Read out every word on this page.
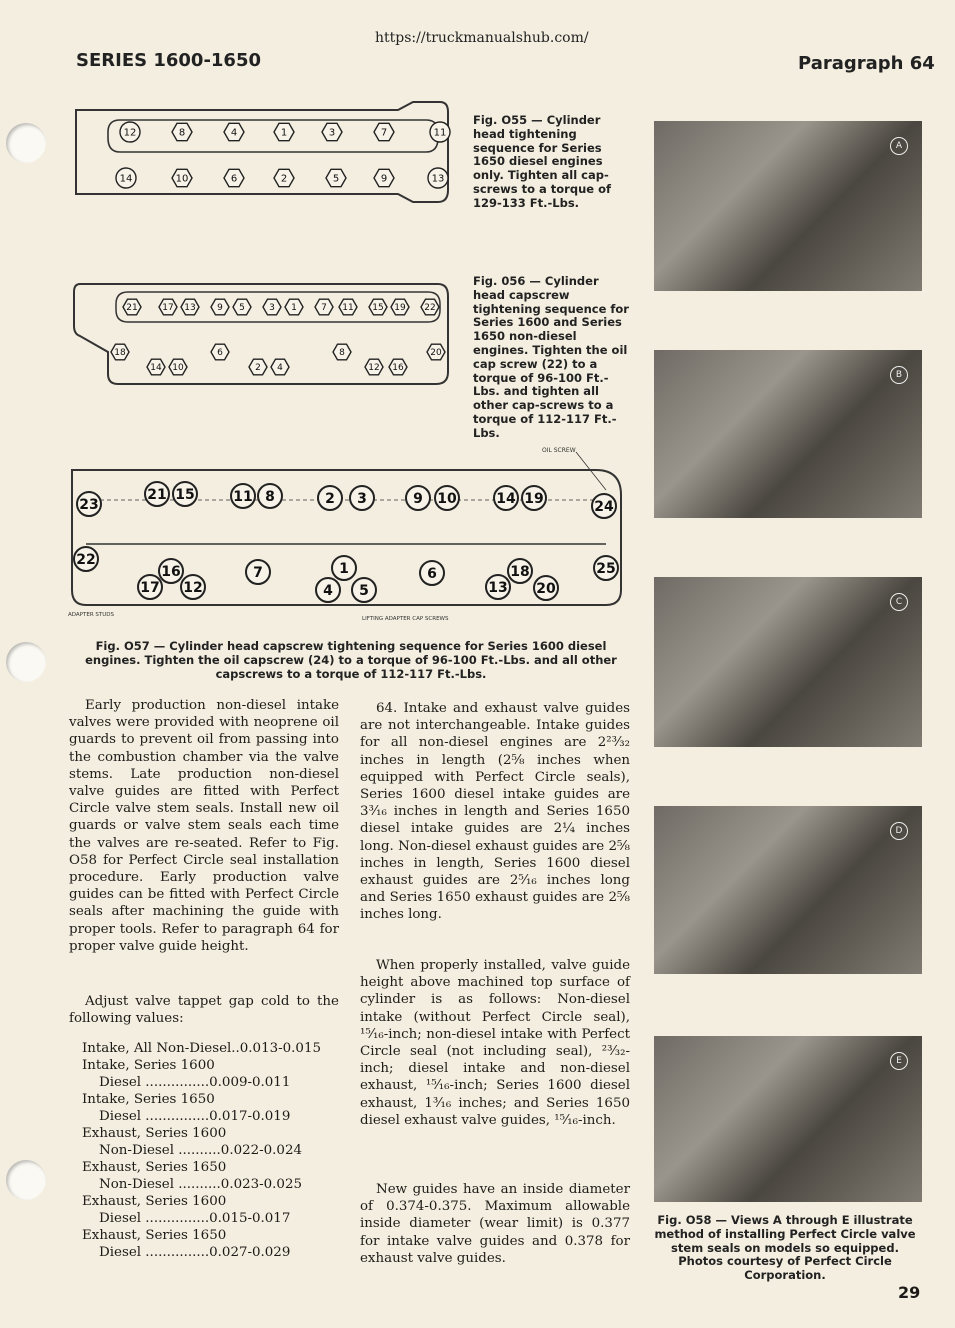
https://truckmanualshub.com/
SERIES 1600-1650	Paragraph 64
12	8	4	1	3	7	11
14	10	6	2	5	9	13
Fig. O55 — Cylinder head tightening sequence for Series 1650 diesel engines only. Tighten all cap-screws to a torque of 129-133 Ft.-Lbs.
21	17 13 9 5	3 1	7 11 15 19 22
18
14 10
6
2 4
8
12 16
20
Fig. 056 — Cylinder head capscrew tightening sequence for Series 1600 and Series 1650 non-diesel engines. Tighten the oil cap screw (22) to a torque of 96-100 Ft.-Lbs. and tighten all other cap-screws to a torque of 112-117 Ft.-Lbs.
OIL SCREW
ADAPTER STUDS
LIFTING ADAPTER CAP SCREWS
23
21 15	11 8	2 3	9 10	14 19	24
22
17
16
12
7
4
1
5
6
13
18
20
25
Fig. O57 — Cylinder head capscrew tightening sequence for Series 1600 diesel engines. Tighten the oil capscrew (24) to a torque of 96-100 Ft.-Lbs. and all other capscrews to a torque of 112-117 Ft.-Lbs.
A
B
C
D
E
Fig. O58 — Views A through E illustrate method of installing Perfect Circle valve stem seals on models so equipped. Photos courtesy of Perfect Circle Corporation.
Early production non-diesel intake valves were provided with neoprene oil guards to prevent oil from passing into the combustion chamber via the valve stems. Late production non-diesel valve guides are fitted with Perfect Circle valve stem seals. Install new oil guards or valve stem seals each time the valves are re-seated. Refer to Fig. O58 for Perfect Circle seal installation procedure. Early production valve guides can be fitted with Perfect Circle seals after machining the guide with proper tools. Refer to paragraph 64 for proper valve guide height.
Adjust valve tappet gap cold to the following values:
Intake, All Non-Diesel..0.013-0.015
Intake, Series 1600
Diesel ...............0.009-0.011
Intake, Series 1650
Diesel ...............0.017-0.019
Exhaust, Series 1600
Non-Diesel ..........0.022-0.024
Exhaust, Series 1650
Non-Diesel ..........0.023-0.025
Exhaust, Series 1600
Diesel ...............0.015-0.017
Exhaust, Series 1650
Diesel ...............0.027-0.029
64. Intake and exhaust valve guides are not interchangeable. Intake guides for all non-diesel engines are 2²³⁄₃₂ inches in length (2⅝ inches when equipped with Perfect Circle seals), Series 1600 diesel intake guides are 3³⁄₁₆ inches in length and Series 1650 diesel intake guides are 2¼ inches long. Non-diesel exhaust guides are 2⅝ inches in length, Series 1600 diesel exhaust guides are 2⁵⁄₁₆ inches long and Series 1650 exhaust guides are 2⅝ inches long.
When properly installed, valve guide height above machined top surface of cylinder is as follows: Non-diesel intake (without Perfect Circle seal), ¹⁵⁄₁₆-inch; non-diesel intake with Perfect Circle seal (not including seal), ²³⁄₃₂-inch; diesel intake and non-diesel exhaust, ¹⁵⁄₁₆-inch; Series 1600 diesel exhaust, 1³⁄₁₆ inches; and Series 1650 diesel exhaust valve guides, ¹⁵⁄₁₆-inch.
New guides have an inside diameter of 0.374-0.375. Maximum allowable inside diameter (wear limit) is 0.377 for intake valve guides and 0.378 for exhaust valve guides.
29
